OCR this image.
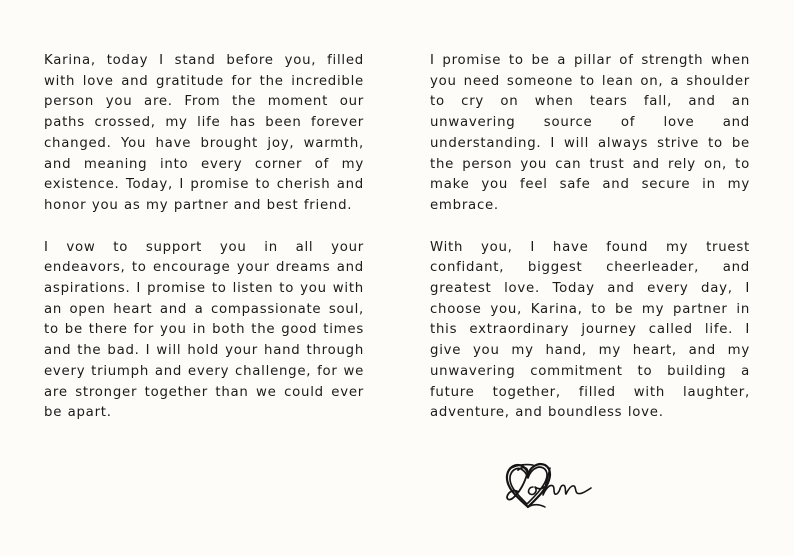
Karina, today I stand before you, filled with love and gratitude for the incredible person you are. From the moment our paths crossed, my life has been forever changed. You have brought joy, warmth, and meaning into every corner of my existence. Today, I promise to cherish and honor you as my partner and best friend.

I vow to support you in all your endeavors, to encourage your dreams and aspirations. I promise to listen to you with an open heart and a compassionate soul, to be there for you in both the good times and the bad. I will hold your hand through every triumph and every challenge, for we are stronger together than we could ever be apart.

I promise to be a pillar of strength when you need someone to lean on, a shoulder to cry on when tears fall, and an unwavering source of love and understanding. I will always strive to be the person you can trust and rely on, to make you feel safe and secure in my embrace.

With you, I have found my truest confidant, biggest cheerleader, and greatest love. Today and every day, I choose you, Karina, to be my partner in this extraordinary journey called life. I give you my hand, my heart, and my unwavering commitment to building a future together, filled with laughter, adventure, and boundless love.
